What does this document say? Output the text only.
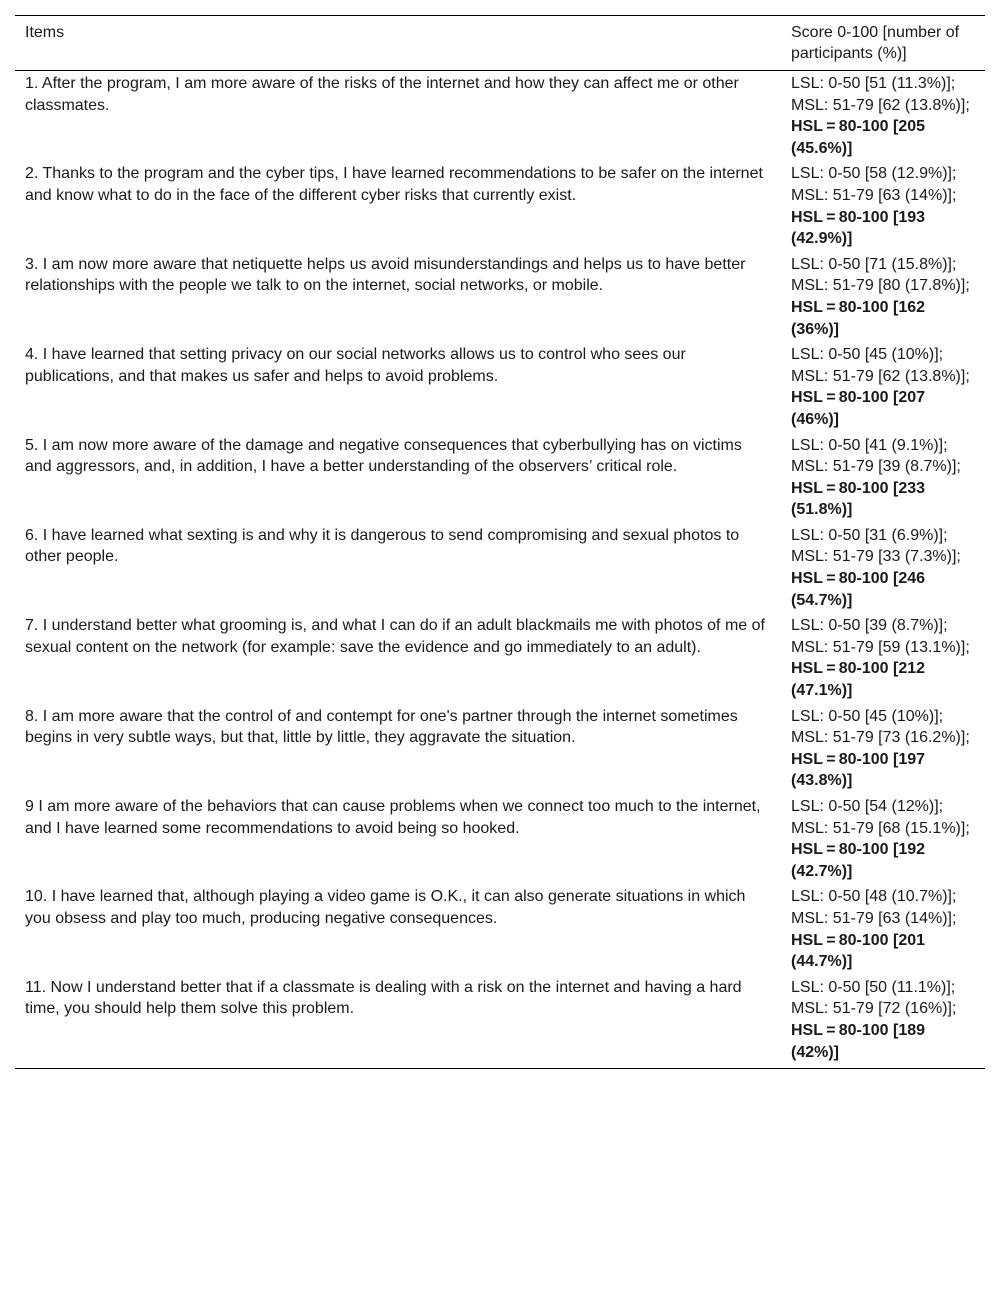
Items	Score 0-100 [number of participants (%)]
1. After the program, I am more aware of the risks of the internet and how they can affect me or other classmates.	LSL: 0-50 [51 (11.3%)];
MSL: 51-79 [62 (13.8%)];
HSL = 80-100 [205 (45.6%)]

2. Thanks to the program and the cyber tips, I have learned recommendations to be safer on the internet and know what to do in the face of the different cyber risks that currently exist.	LSL: 0-50 [58 (12.9%)];
MSL: 51-79 [63 (14%)];
HSL = 80-100 [193 (42.9%)]

3. I am now more aware that netiquette helps us avoid misunderstandings and helps us to have better relationships with the people we talk to on the internet, social networks, or mobile.	LSL: 0-50 [71 (15.8%)];
MSL: 51-79 [80 (17.8%)];
HSL = 80-100 [162 (36%)]

4. I have learned that setting privacy on our social networks allows us to control who sees our publications, and that makes us safer and helps to avoid problems.	LSL: 0-50 [45 (10%)];
MSL: 51-79 [62 (13.8%)];
HSL = 80-100 [207 (46%)]

5. I am now more aware of the damage and negative consequences that cyberbullying has on victims and aggressors, and, in addition, I have a better understanding of the observers’ critical role.	LSL: 0-50 [41 (9.1%)];
MSL: 51-79 [39 (8.7%)];
HSL = 80-100 [233 (51.8%)]

6. I have learned what sexting is and why it is dangerous to send compromising and sexual photos to other people.	LSL: 0-50 [31 (6.9%)];
MSL: 51-79 [33 (7.3%)];
HSL = 80-100 [246 (54.7%)]

7. I understand better what grooming is, and what I can do if an adult blackmails me with photos of me of sexual content on the network (for example: save the evidence and go immediately to an adult).	LSL: 0-50 [39 (8.7%)];
MSL: 51-79 [59 (13.1%)];
HSL = 80-100 [212 (47.1%)]

8. I am more aware that the control of and contempt for one's partner through the internet sometimes begins in very subtle ways, but that, little by little, they aggravate the situation.	LSL: 0-50 [45 (10%)];
MSL: 51-79 [73 (16.2%)];
HSL = 80-100 [197 (43.8%)]

9 I am more aware of the behaviors that can cause problems when we connect too much to the internet, and I have learned some recommendations to avoid being so hooked.	LSL: 0-50 [54 (12%)];
MSL: 51-79 [68 (15.1%)];
HSL = 80-100 [192 (42.7%)]

10. I have learned that, although playing a video game is O.K., it can also generate situations in which you obsess and play too much, producing negative consequences.	LSL: 0-50 [48 (10.7%)];
MSL: 51-79 [63 (14%)];
HSL = 80-100 [201 (44.7%)]

11. Now I understand better that if a classmate is dealing with a risk on the internet and having a hard time, you should help them solve this problem.	LSL: 0-50 [50 (11.1%)];
MSL: 51-79 [72 (16%)];
HSL = 80-100 [189 (42%)]
